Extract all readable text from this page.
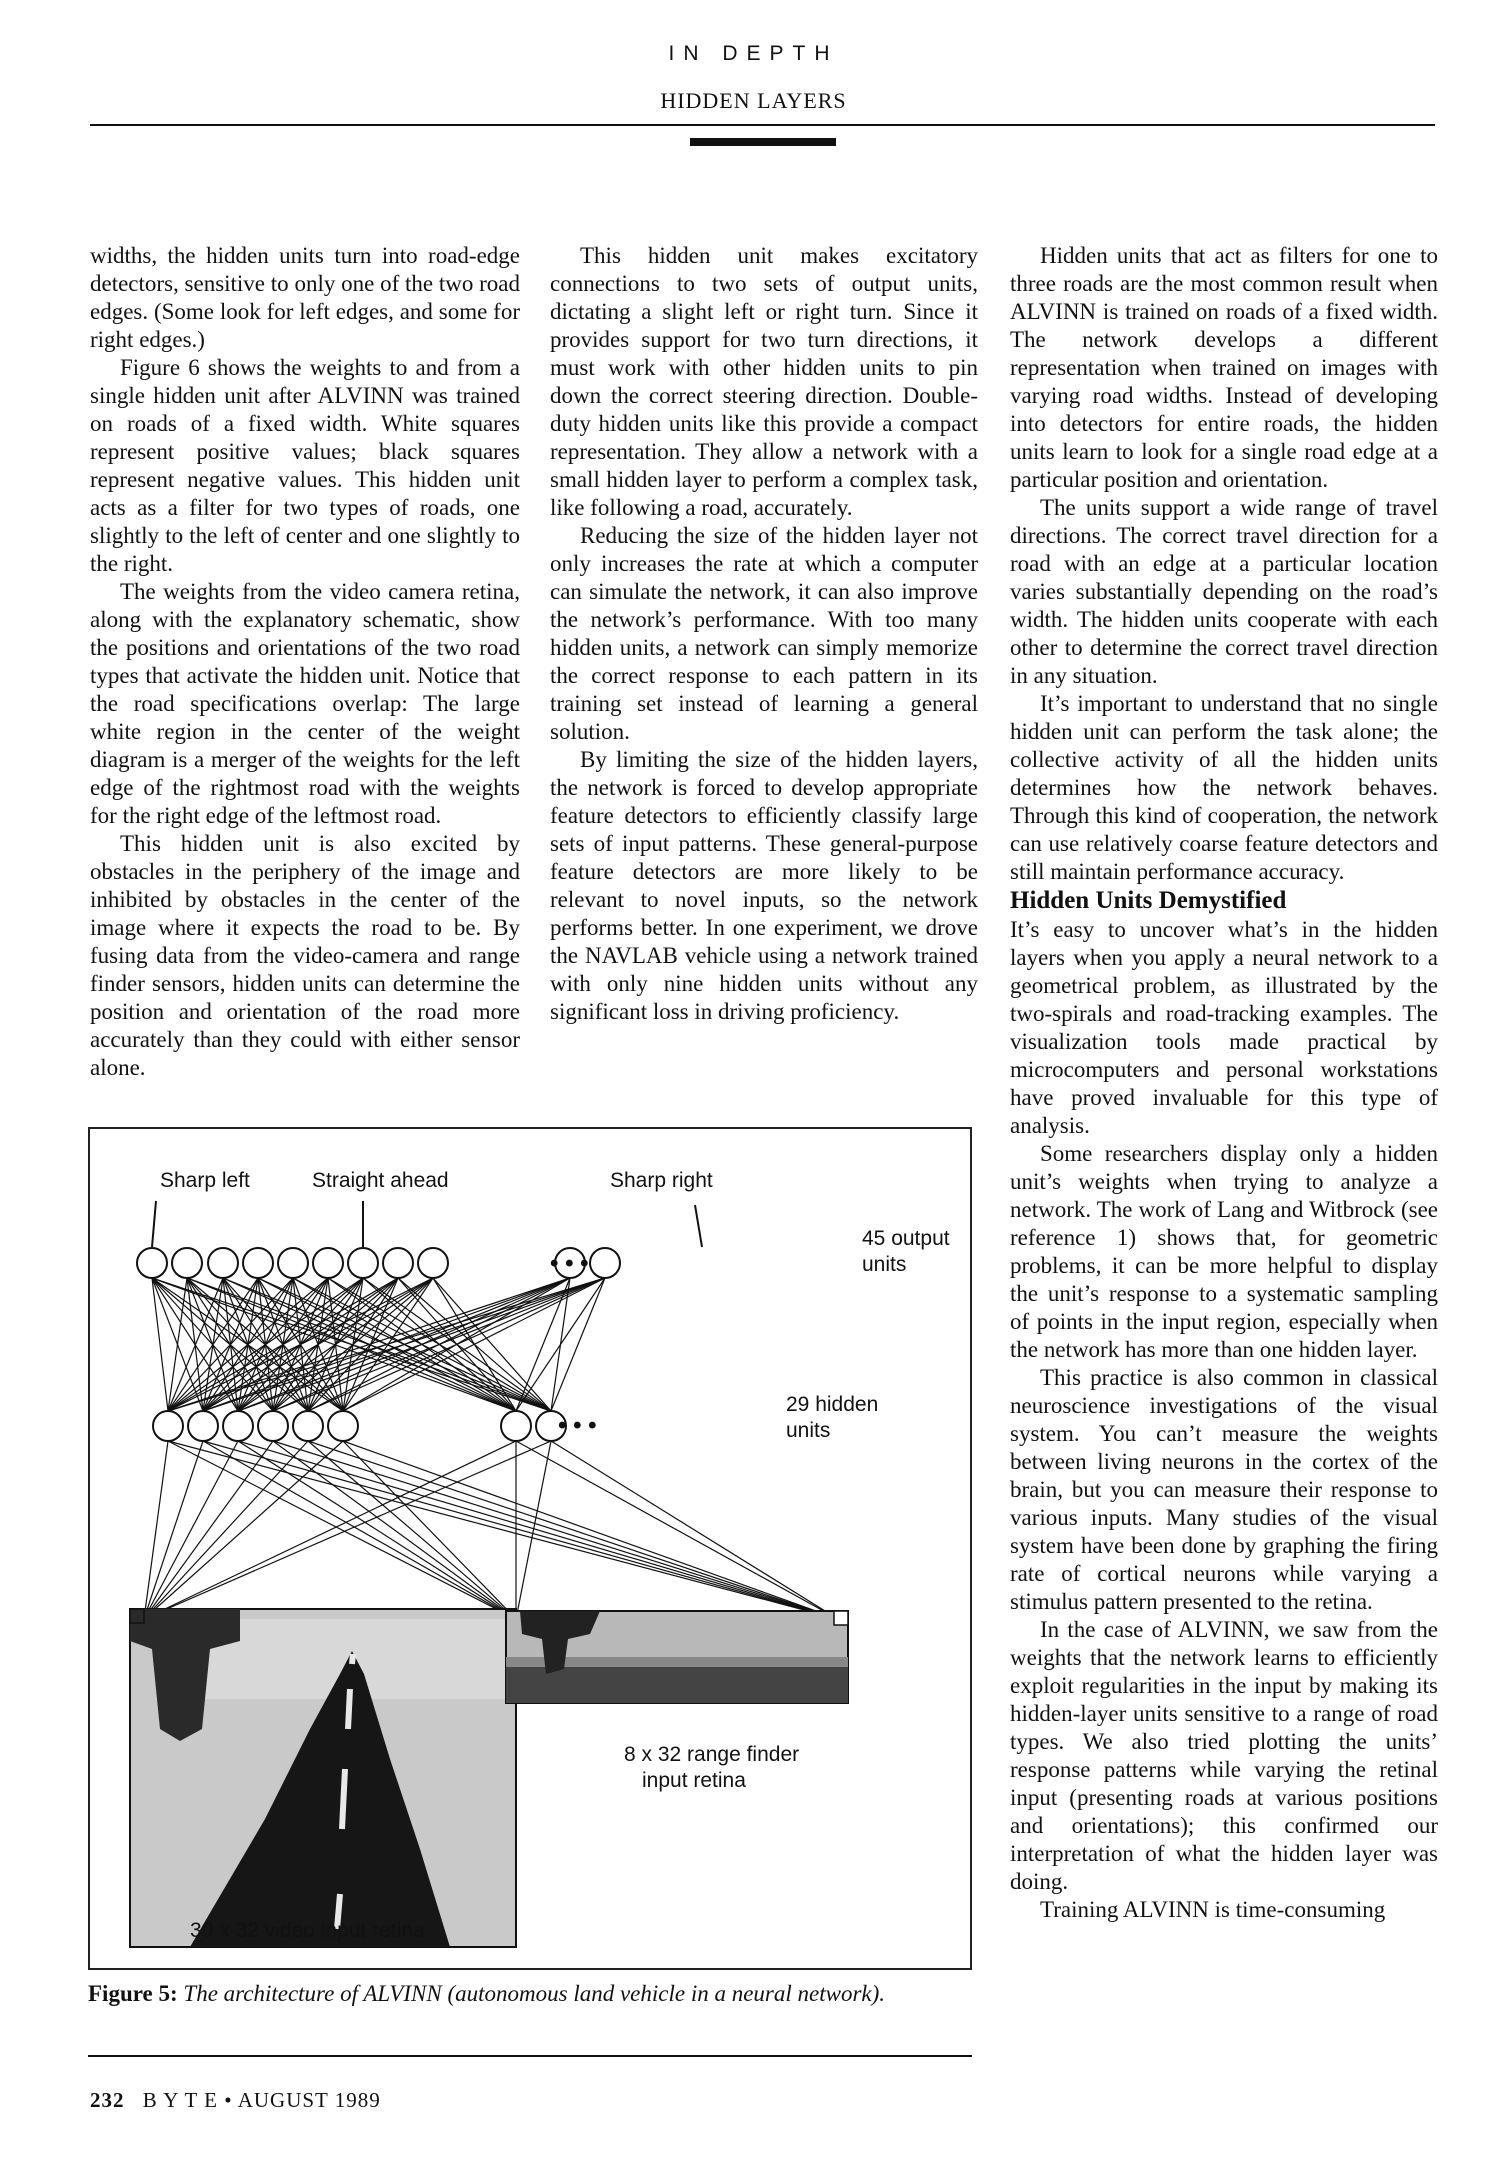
IN DEPTH
HIDDEN LAYERS

widths, the hidden units turn into road-edge detectors, sensitive to only one of the two road edges. (Some look for left edges, and some for right edges.)

Figure 6 shows the weights to and from a single hidden unit after ALVINN was trained on roads of a fixed width. White squares represent positive values; black squares represent negative values. This hidden unit acts as a filter for two types of roads, one slightly to the left of center and one slightly to the right.

The weights from the video camera retina, along with the explanatory schematic, show the positions and orientations of the two road types that activate the hidden unit. Notice that the road specifications overlap: The large white region in the center of the weight diagram is a merger of the weights for the left edge of the rightmost road with the weights for the right edge of the leftmost road.

This hidden unit is also excited by obstacles in the periphery of the image and inhibited by obstacles in the center of the image where it expects the road to be. By fusing data from the video-camera and range finder sensors, hidden units can determine the position and orientation of the road more accurately than they could with either sensor alone.

This hidden unit makes excitatory connections to two sets of output units, dictating a slight left or right turn. Since it provides support for two turn directions, it must work with other hidden units to pin down the correct steering direction. Double-duty hidden units like this provide a compact representation. They allow a network with a small hidden layer to perform a complex task, like following a road, accurately.

Reducing the size of the hidden layer not only increases the rate at which a computer can simulate the network, it can also improve the network’s performance. With too many hidden units, a network can simply memorize the correct response to each pattern in its training set instead of learning a general solution.

By limiting the size of the hidden layers, the network is forced to develop appropriate feature detectors to efficiently classify large sets of input patterns. These general-purpose feature detectors are more likely to be relevant to novel inputs, so the network performs better. In one experiment, we drove the NAVLAB vehicle using a network trained with only nine hidden units without any significant loss in driving proficiency.

Hidden units that act as filters for one to three roads are the most common result when ALVINN is trained on roads of a fixed width. The network develops a different representation when trained on images with varying road widths. Instead of developing into detectors for entire roads, the hidden units learn to look for a single road edge at a particular position and orientation.

The units support a wide range of travel directions. The correct travel direction for a road with an edge at a particular location varies substantially depending on the road’s width. The hidden units cooperate with each other to determine the correct travel direction in any situation.

It’s important to understand that no single hidden unit can perform the task alone; the collective activity of all the hidden units determines how the network behaves. Through this kind of cooperation, the network can use relatively coarse feature detectors and still maintain performance accuracy.

Hidden Units Demystified

It’s easy to uncover what’s in the hidden layers when you apply a neural network to a geometrical problem, as illustrated by the two-spirals and road-tracking examples. The visualization tools made practical by microcomputers and personal workstations have proved invaluable for this type of analysis.

Some researchers display only a hidden unit’s weights when trying to analyze a network. The work of Lang and Witbrock (see reference 1) shows that, for geometric problems, it can be more helpful to display the unit’s response to a systematic sampling of points in the input region, especially when the network has more than one hidden layer.

This practice is also common in classical neuroscience investigations of the visual system. You can’t measure the weights between living neurons in the cortex of the brain, but you can measure their response to various inputs. Many studies of the visual system have been done by graphing the firing rate of cortical neurons while varying a stimulus pattern presented to the retina.

In the case of ALVINN, we saw from the weights that the network learns to efficiently exploit regularities in the input by making its hidden-layer units sensitive to a range of road types. We also tried plotting the units’ response patterns while varying the retinal input (presenting roads at various positions and orientations); this confirmed our interpretation of what the hidden layer was doing.

Training ALVINN is time-consuming

Sharp left	Straight ahead	Sharp right
45 output
units
29 hidden
units
• • •
• • •
8 x 32 range finder
input retina
30 x 32 video input retina
Figure 5: The architecture of ALVINN (autonomous land vehicle in a neural network).
232 B Y T E • AUGUST 1989
